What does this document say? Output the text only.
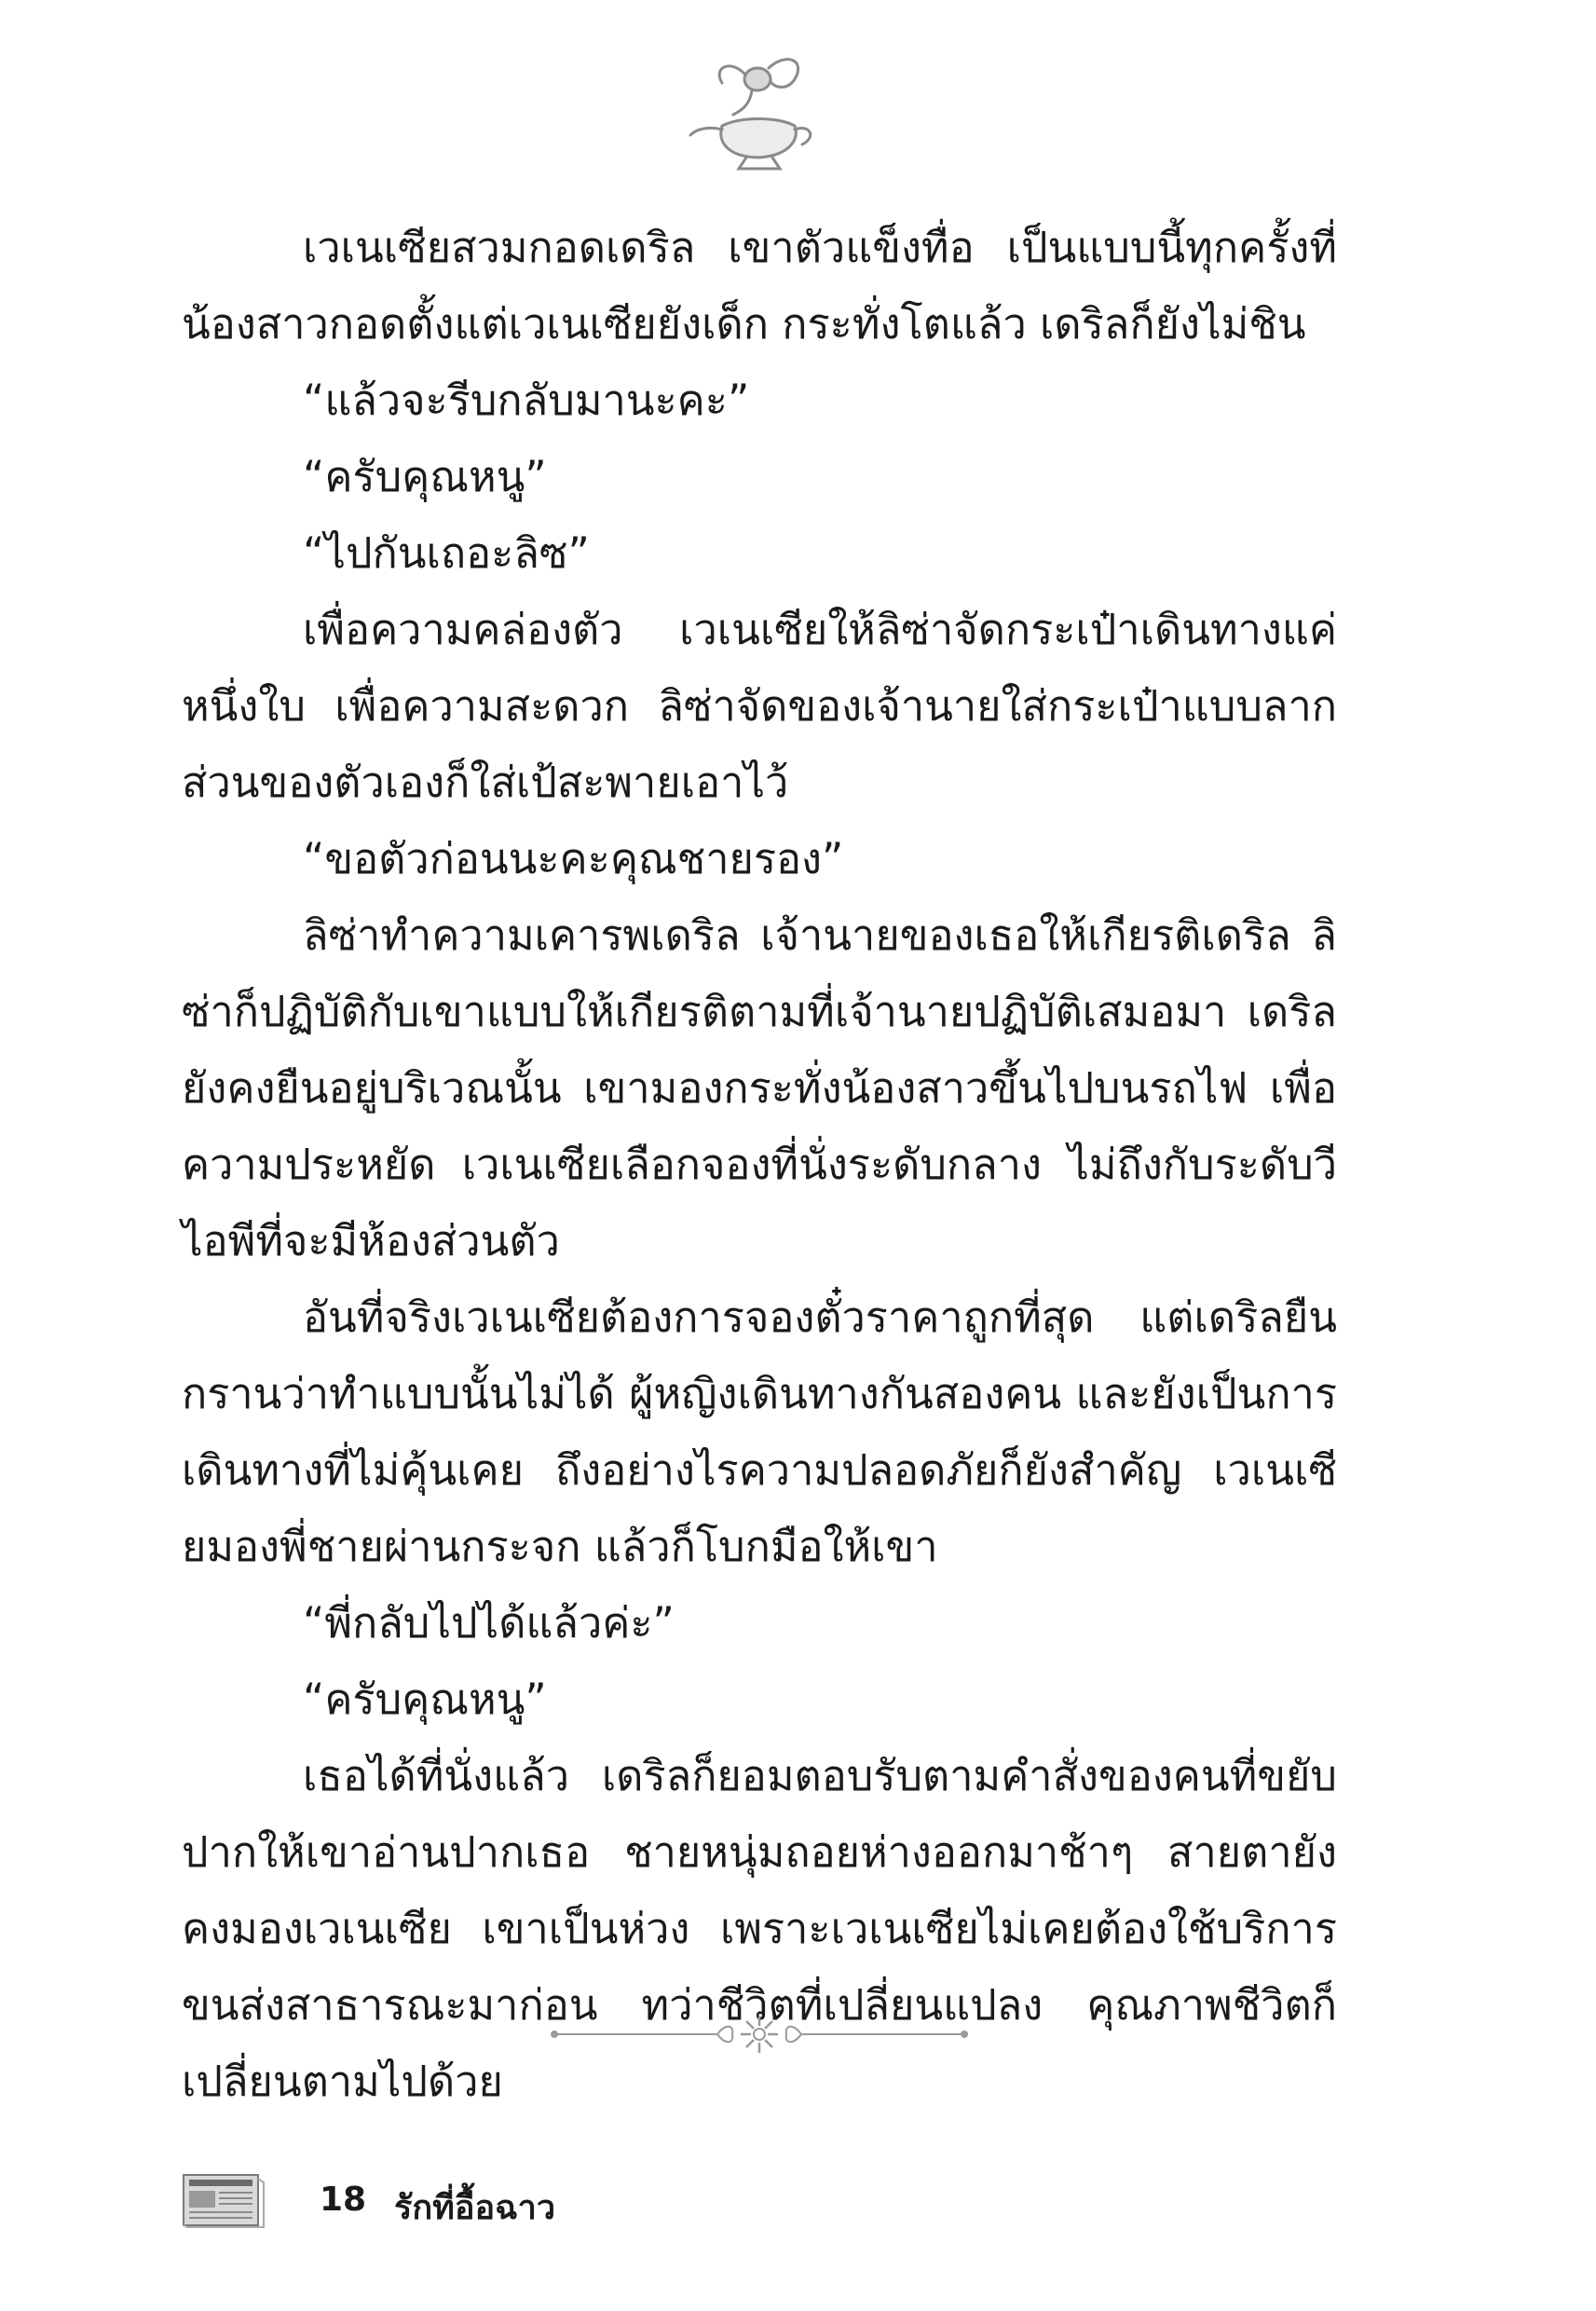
เวเนเซียสวมกอดเดริล เขาตัวแข็งทื่อ เป็นแบบนี้ทุกครั้งที่น้องสาวกอดตั้งแต่เวเนเซียยังเด็ก กระทั่งโตแล้ว เดริลก็ยังไม่ชิน

“แล้วจะรีบกลับมานะคะ”

“ครับคุณหนู”

“ไปกันเถอะลิซ”

เพื่อความคล่องตัว เวเนเซียให้ลิซ่าจัดกระเป๋าเดินทางแค่หนึ่งใบ เพื่อความสะดวก ลิซ่าจัดของเจ้านายใส่กระเป๋าแบบลาก ส่วนของตัวเองก็ใส่เป้สะพายเอาไว้

“ขอตัวก่อนนะคะคุณชายรอง”

ลิซ่าทำความเคารพเดริล เจ้านายของเธอให้เกียรติเดริล ลิซ่าก็ปฏิบัติกับเขาแบบให้เกียรติตามที่เจ้านายปฏิบัติเสมอมา เดริลยังคงยืนอยู่บริเวณนั้น เขามองกระทั่งน้องสาวขึ้นไปบนรถไฟ เพื่อความประหยัด เวเนเซียเลือกจองที่นั่งระดับกลาง ไม่ถึงกับระดับวีไอพีที่จะมีห้องส่วนตัว

อันที่จริงเวเนเซียต้องการจองตั๋วราคาถูกที่สุด แต่เดริลยืนกรานว่าทำแบบนั้นไม่ได้ ผู้หญิงเดินทางกันสองคน และยังเป็นการเดินทางที่ไม่คุ้นเคย ถึงอย่างไรความปลอดภัยก็ยังสำคัญ เวเนเซียมองพี่ชายผ่านกระจก แล้วก็โบกมือให้เขา

“พี่กลับไปได้แล้วค่ะ”

“ครับคุณหนู”

เธอได้ที่นั่งแล้ว เดริลก็ยอมตอบรับตามคำสั่งของคนที่ขยับปากให้เขาอ่านปากเธอ ชายหนุ่มถอยห่างออกมาช้าๆ สายตายังคงมองเวเนเซีย เขาเป็นห่วง เพราะเวเนเซียไม่เคยต้องใช้บริการขนส่งสาธารณะมาก่อน ทว่าชีวิตที่เปลี่ยนแปลง คุณภาพชีวิตก็เปลี่ยนตามไปด้วย

18 รักที่อื้อฉาว
